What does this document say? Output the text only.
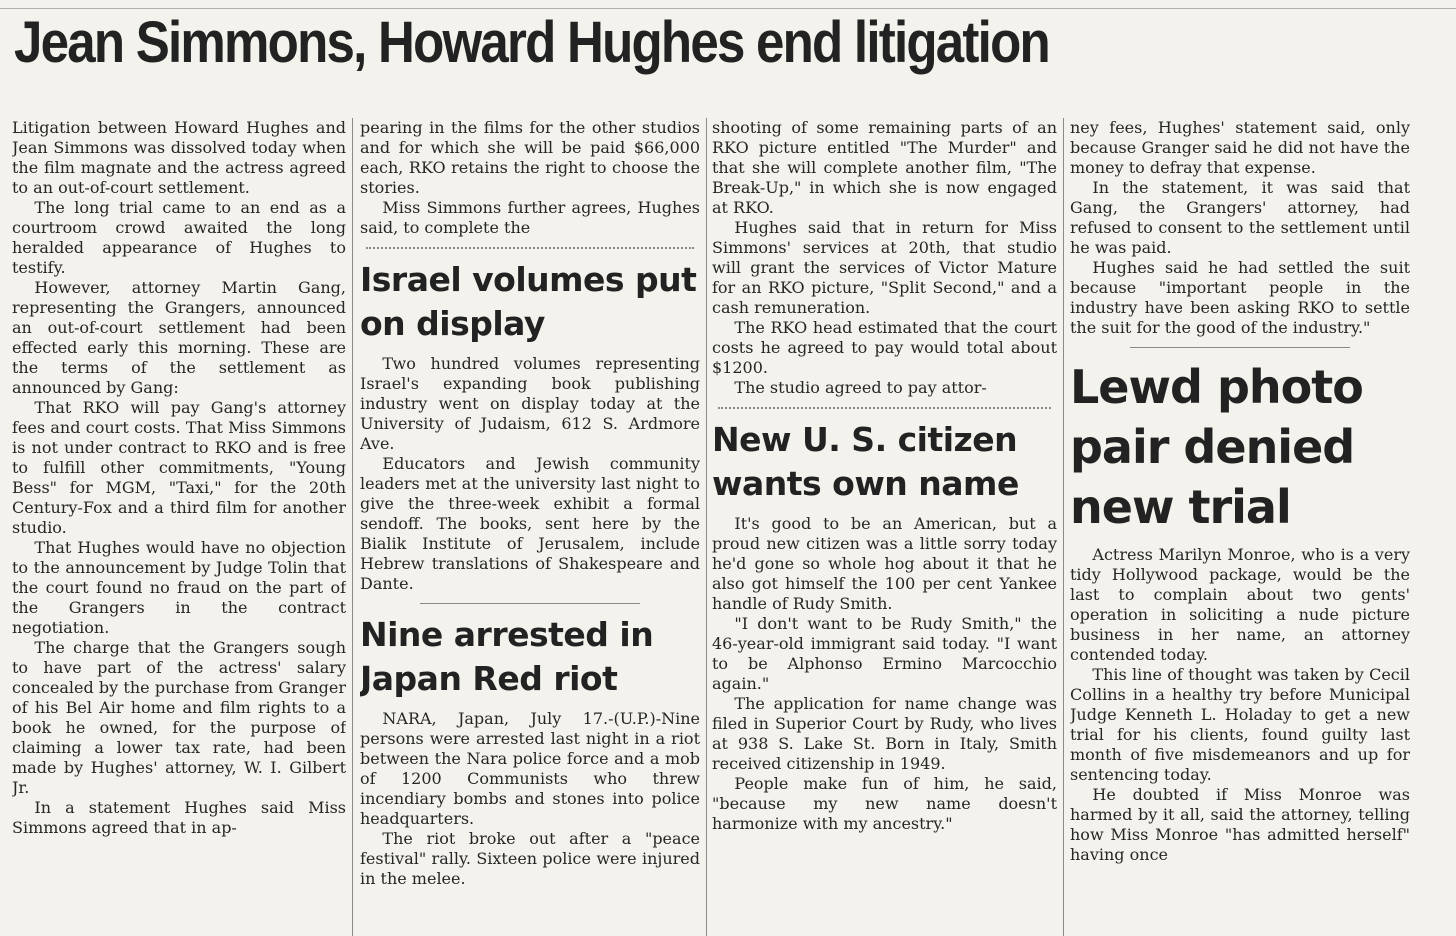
Jean Simmons, Howard Hughes end litigation

Litigation between Howard Hughes and Jean Simmons was dissolved today when the film magnate and the actress agreed to an out-of-court settlement.

The long trial came to an end as a courtroom crowd awaited the long heralded appearance of Hughes to testify.

However, attorney Martin Gang, representing the Grangers, announced an out-of-court settlement had been effected early this morning. These are the terms of the settlement as announced by Gang:

That RKO will pay Gang's attorney fees and court costs. That Miss Simmons is not under contract to RKO and is free to fulfill other commitments, "Young Bess" for MGM, "Taxi," for the 20th Century-Fox and a third film for another studio.

That Hughes would have no objection to the announcement by Judge Tolin that the court found no fraud on the part of the Grangers in the contract negotiation.

The charge that the Grangers sough to have part of the actress' salary concealed by the purchase from Granger of his Bel Air home and film rights to a book he owned, for the purpose of claiming a lower tax rate, had been made by Hughes' attorney, W. I. Gilbert Jr.

In a statement Hughes said Miss Simmons agreed that in ap-

pearing in the films for the other studios and for which she will be paid $66,000 each, RKO retains the right to choose the stories.

Miss Simmons further agrees, Hughes said, to complete the

Israel volumes put on display

Two hundred volumes representing Israel's expanding book publishing industry went on display today at the University of Judaism, 612 S. Ardmore Ave.

Educators and Jewish community leaders met at the university last night to give the three-week exhibit a formal sendoff. The books, sent here by the Bialik Institute of Jerusalem, include Hebrew translations of Shakespeare and Dante.

Nine arrested in Japan Red riot

NARA, Japan, July 17.-(U.P.)-Nine persons were arrested last night in a riot between the Nara police force and a mob of 1200 Communists who threw incendiary bombs and stones into police headquarters.

The riot broke out after a "peace festival" rally. Sixteen police were injured in the melee.

shooting of some remaining parts of an RKO picture entitled "The Murder" and that she will complete another film, "The Break-Up," in which she is now engaged at RKO.

Hughes said that in return for Miss Simmons' services at 20th, that studio will grant the services of Victor Mature for an RKO picture, "Split Second," and a cash remuneration.

The RKO head estimated that the court costs he agreed to pay would total about $1200.

The studio agreed to pay attor-

New U. S. citizen wants own name

It's good to be an American, but a proud new citizen was a little sorry today he'd gone so whole hog about it that he also got himself the 100 per cent Yankee handle of Rudy Smith.

"I don't want to be Rudy Smith," the 46-year-old immigrant said today. "I want to be Alphonso Ermino Marcocchio again."

The application for name change was filed in Superior Court by Rudy, who lives at 938 S. Lake St. Born in Italy, Smith received citizenship in 1949.

People make fun of him, he said, "because my new name doesn't harmonize with my ancestry."

ney fees, Hughes' statement said, only because Granger said he did not have the money to defray that expense.

In the statement, it was said that Gang, the Grangers' attorney, had refused to consent to the settlement until he was paid.

Hughes said he had settled the suit because "important people in the industry have been asking RKO to settle the suit for the good of the industry."

Lewd photo pair denied new trial

Actress Marilyn Monroe, who is a very tidy Hollywood package, would be the last to complain about two gents' operation in soliciting a nude picture business in her name, an attorney contended today.

This line of thought was taken by Cecil Collins in a healthy try before Municipal Judge Kenneth L. Holaday to get a new trial for his clients, found guilty last month of five misdemeanors and up for sentencing today.

He doubted if Miss Monroe was harmed by it all, said the attorney, telling how Miss Monroe "has admitted herself" having once
